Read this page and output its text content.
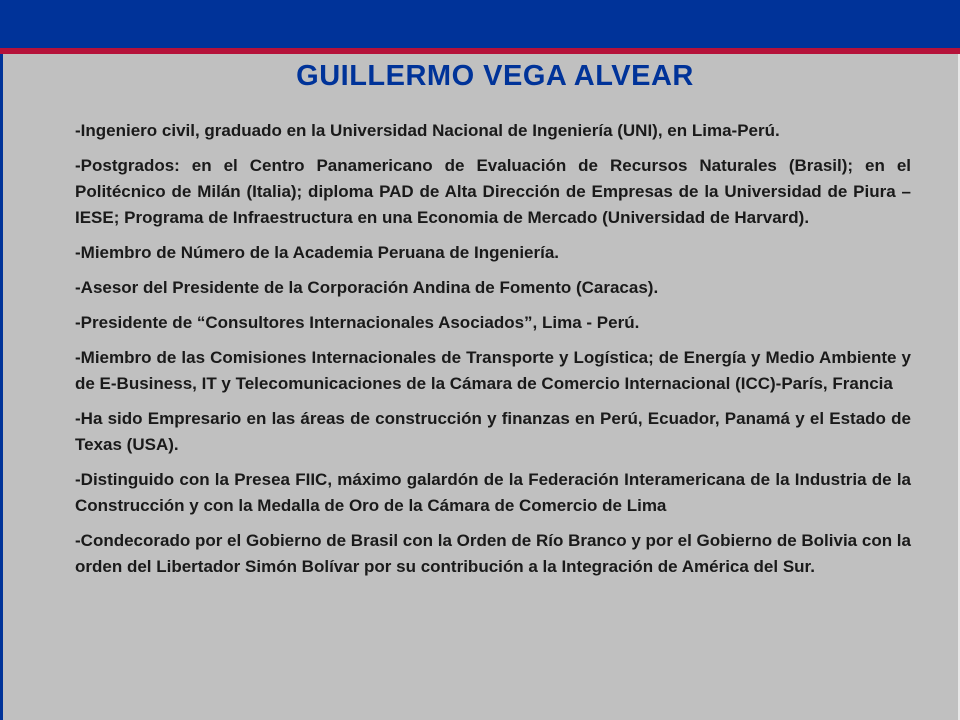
GUILLERMO VEGA ALVEAR

-Ingeniero civil, graduado en la Universidad Nacional de Ingeniería (UNI), en Lima-Perú.

-Postgrados: en el Centro Panamericano de Evaluación de Recursos Naturales (Brasil); en el Politécnico de Milán (Italia); diploma PAD de Alta Dirección de Empresas de la Universidad de Piura – IESE; Programa de Infraestructura en una Economia de Mercado (Universidad de Harvard).

-Miembro de Número de la Academia Peruana de Ingeniería.

-Asesor del Presidente de la Corporación Andina de Fomento (Caracas).

-Presidente de “Consultores Internacionales Asociados”, Lima - Perú.

-Miembro de las Comisiones Internacionales de Transporte y Logística; de Energía y Medio Ambiente y de E-Business, IT y Telecomunicaciones de la Cámara de Comercio Internacional (ICC)-París, Francia

-Ha sido Empresario en las áreas de construcción y finanzas en Perú, Ecuador, Panamá y el Estado de Texas (USA).

-Distinguido con la Presea FIIC, máximo galardón de la Federación Interamericana de la Industria de la Construcción y con la Medalla de Oro de la Cámara de Comercio de Lima

-Condecorado por el Gobierno de Brasil con la Orden de Río Branco y por el Gobierno de Bolivia con la orden del Libertador Simón Bolívar por su contribución a la Integración de América del Sur.
